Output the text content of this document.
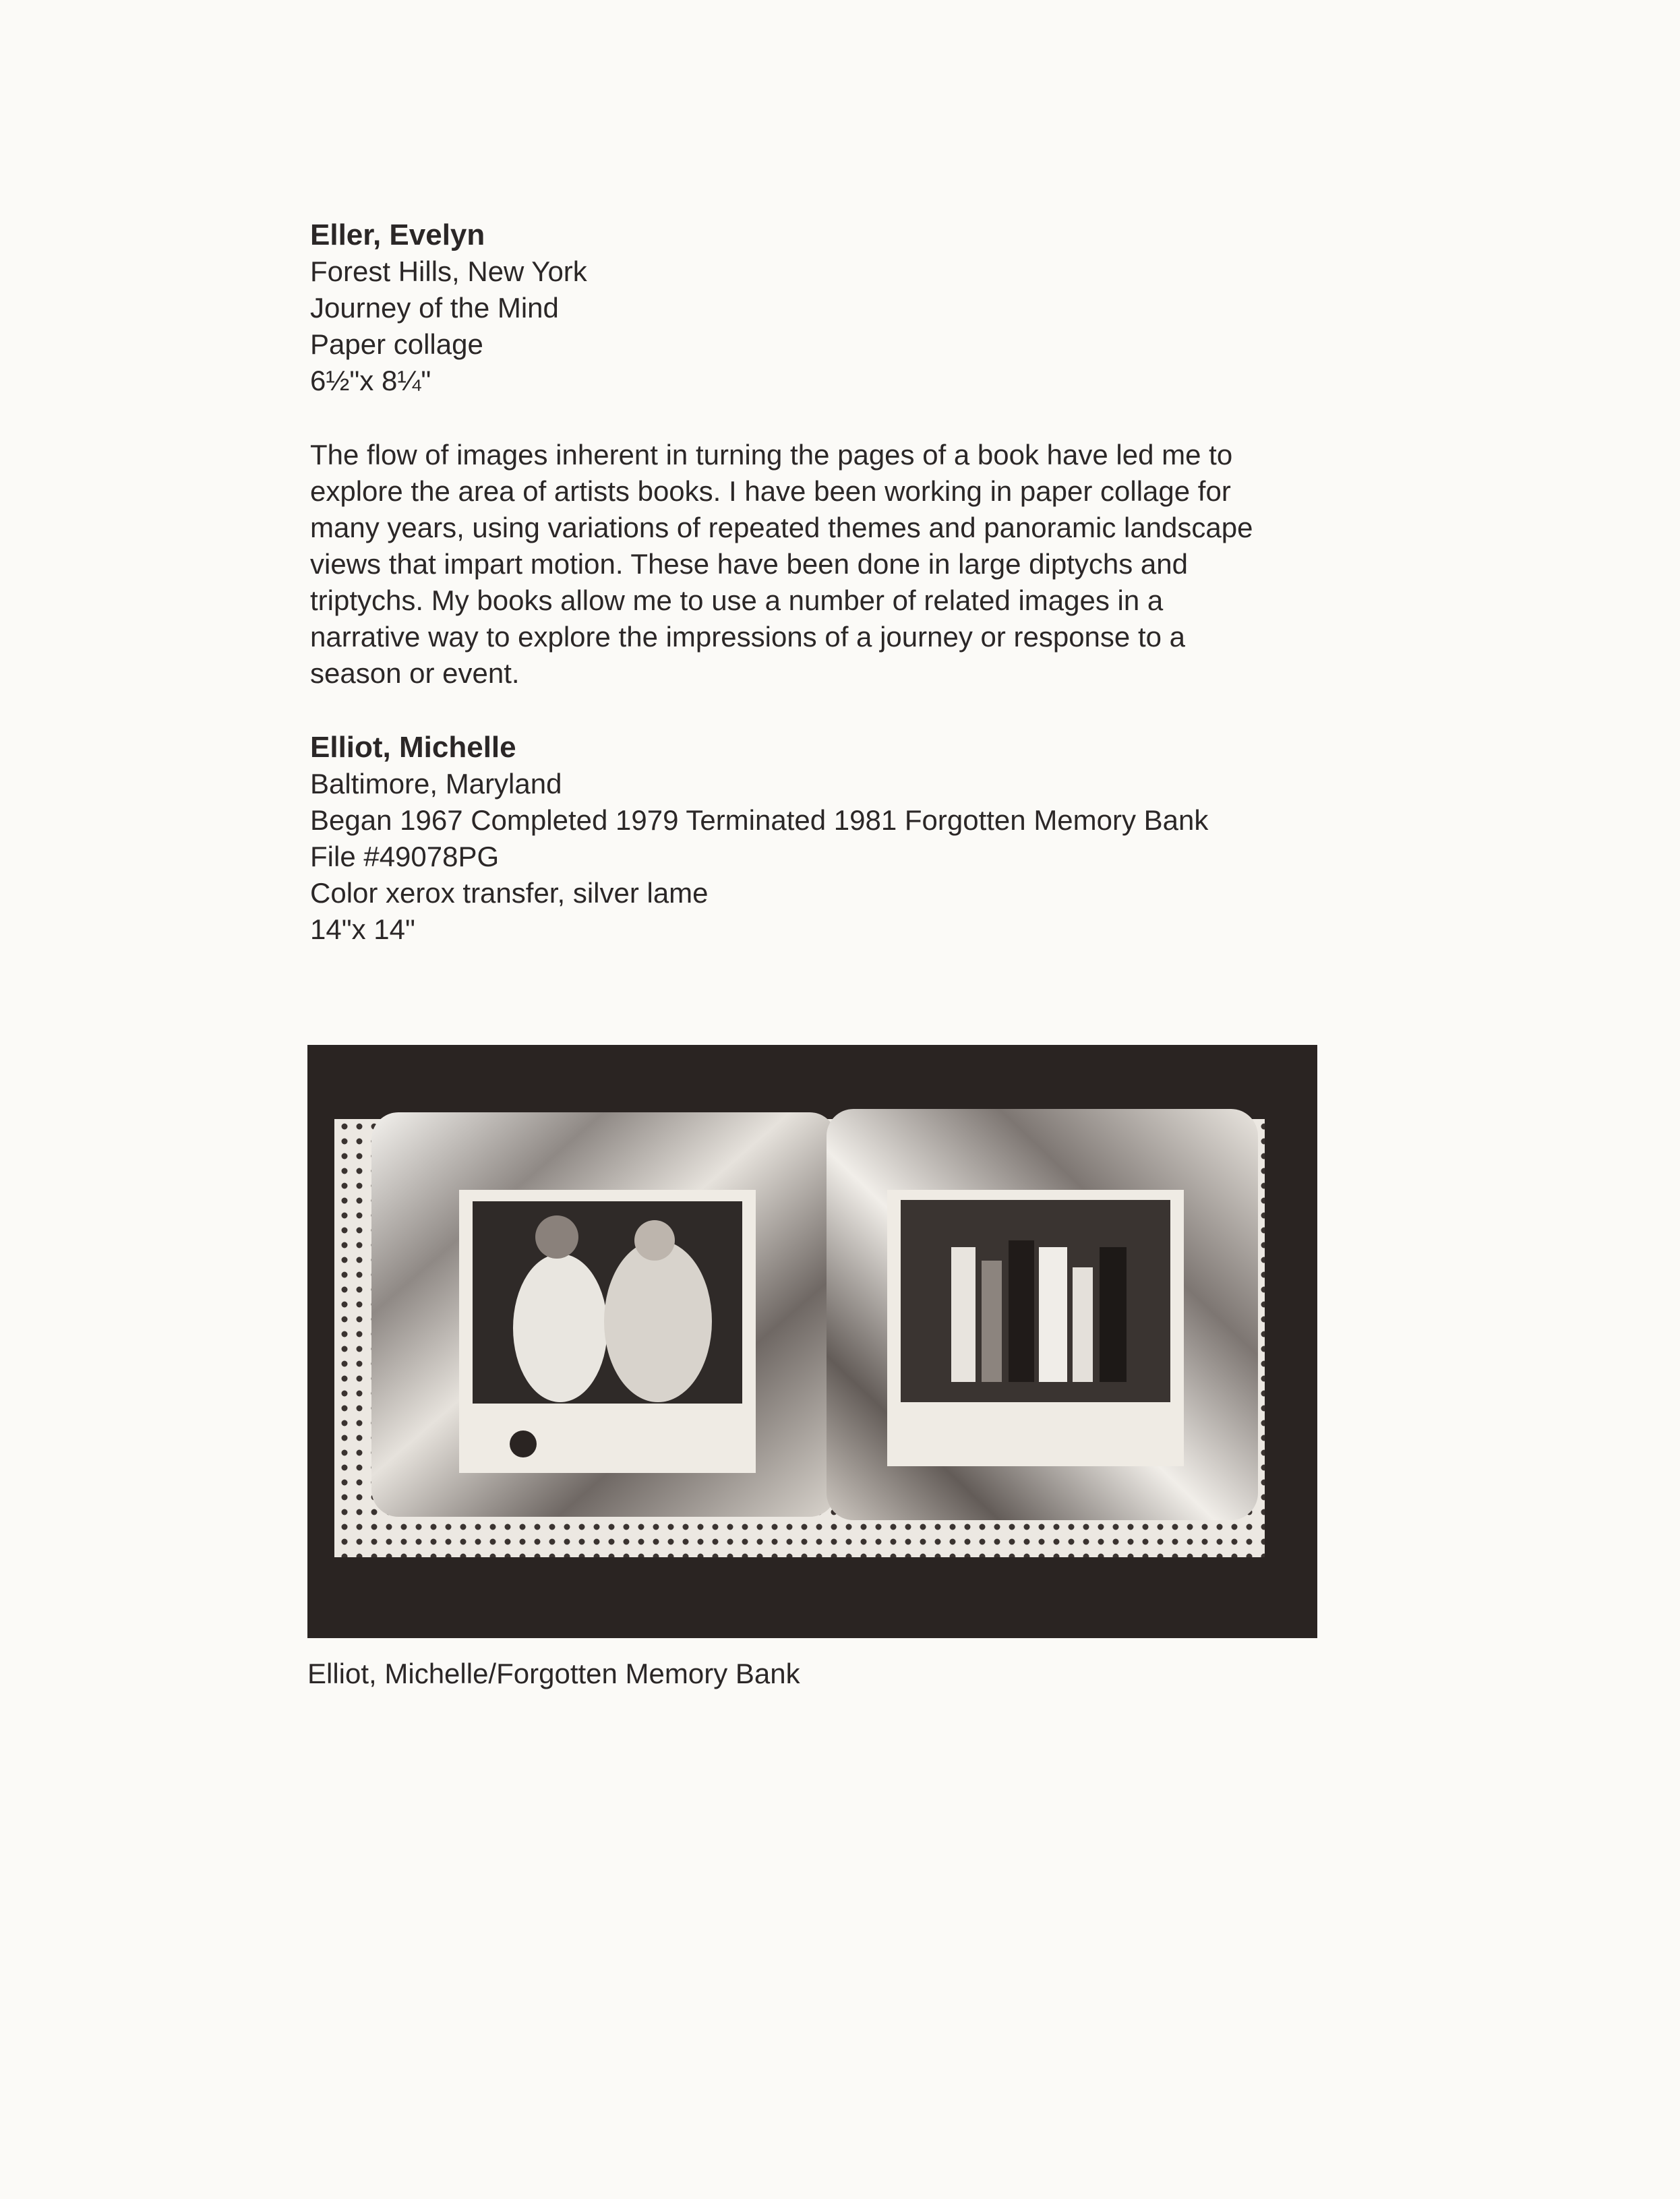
Eller, Evelyn
Forest Hills, New York
Journey of the Mind
Paper collage
6½"x 8¼"
The flow of images inherent in turning the pages of a book have led me to
explore the area of artists books. I have been working in paper collage for
many years, using variations of repeated themes and panoramic landscape
views that impart motion. These have been done in large diptychs and
triptychs. My books allow me to use a number of related images in a
narrative way to explore the impressions of a journey or response to a
season or event.
Elliot, Michelle
Baltimore, Maryland
Began 1967 Completed 1979 Terminated 1981 Forgotten Memory Bank
File #49078PG
Color xerox transfer, silver lame
14"x 14"
Elliot, Michelle/Forgotten Memory Bank
